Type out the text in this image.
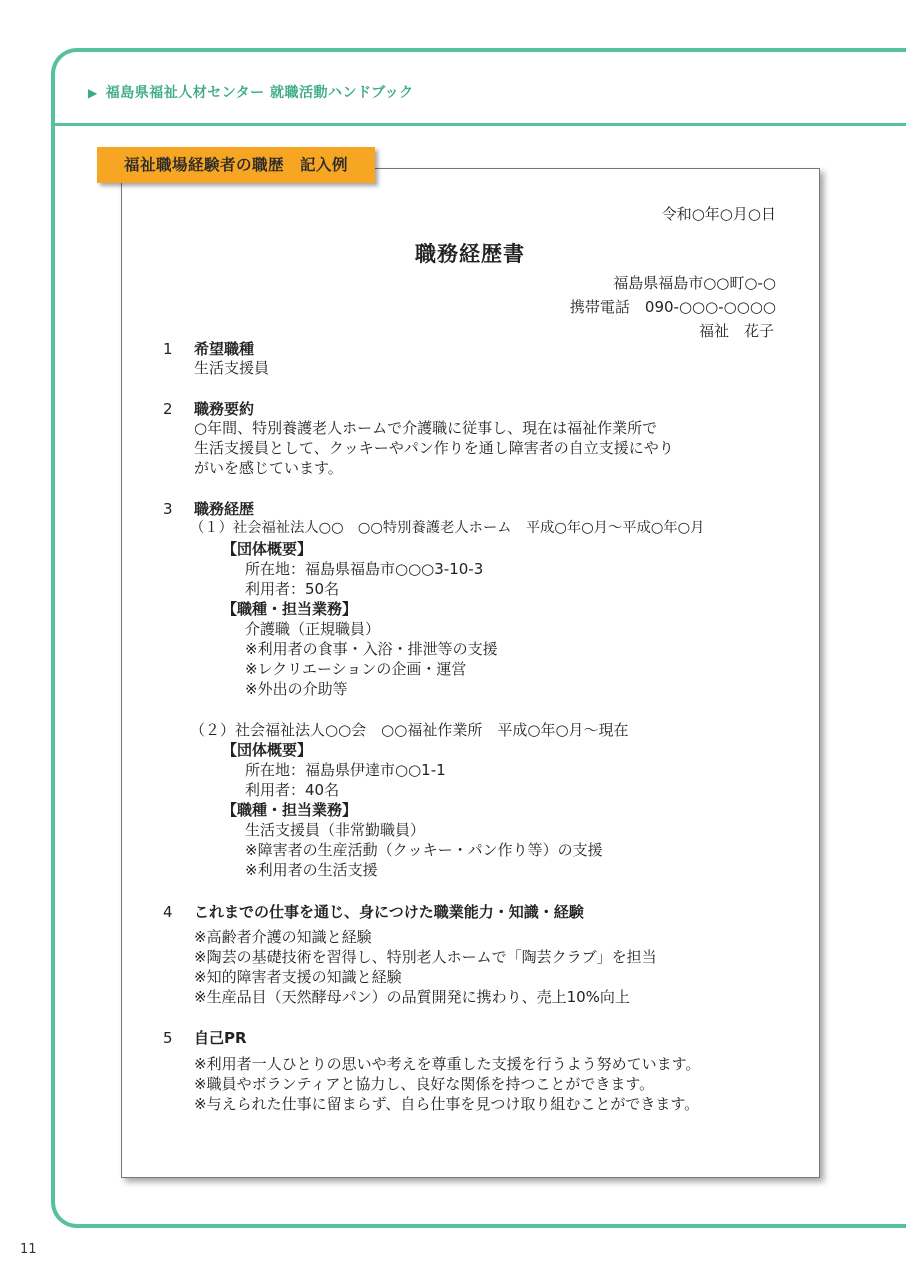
▶ 福島県福祉人材センター 就職活動ハンドブック
福祉職場経験者の職歴　記入例
令和○年○月○日
職務経歴書
福島県福島市○○町○-○
携帯電話　090-○○○-○○○○
福祉　花子
1 希望職種
生活支援員
2 職務要約
○年間、特別養護老人ホームで介護職に従事し、現在は福祉作業所で
生活支援員として、クッキーやパン作りを通し障害者の自立支援にやり
がいを感じています。
3 職務経歴
（１）社会福祉法人○○　○○特別養護老人ホーム　平成○年○月～平成○年○月
【団体概要】
所在地：福島県福島市○○○3-10-3
利用者：50名
【職種・担当業務】
介護職（正規職員）
※利用者の食事・入浴・排泄等の支援
※レクリエーションの企画・運営
※外出の介助等
（２）社会福祉法人○○会　○○福祉作業所　平成○年○月～現在
【団体概要】
所在地：福島県伊達市○○1-1
利用者：40名
【職種・担当業務】
生活支援員（非常勤職員）
※障害者の生産活動（クッキー・パン作り等）の支援
※利用者の生活支援
4 これまでの仕事を通じ、身につけた職業能力・知識・経験
※高齢者介護の知識と経験
※陶芸の基礎技術を習得し、特別老人ホームで「陶芸クラブ」を担当
※知的障害者支援の知識と経験
※生産品目（天然酵母パン）の品質開発に携わり、売上10%向上
5 自己PR
※利用者一人ひとりの思いや考えを尊重した支援を行うよう努めています。
※職員やボランティアと協力し、良好な関係を持つことができます。
※与えられた仕事に留まらず、自ら仕事を見つけ取り組むことができます。
11
